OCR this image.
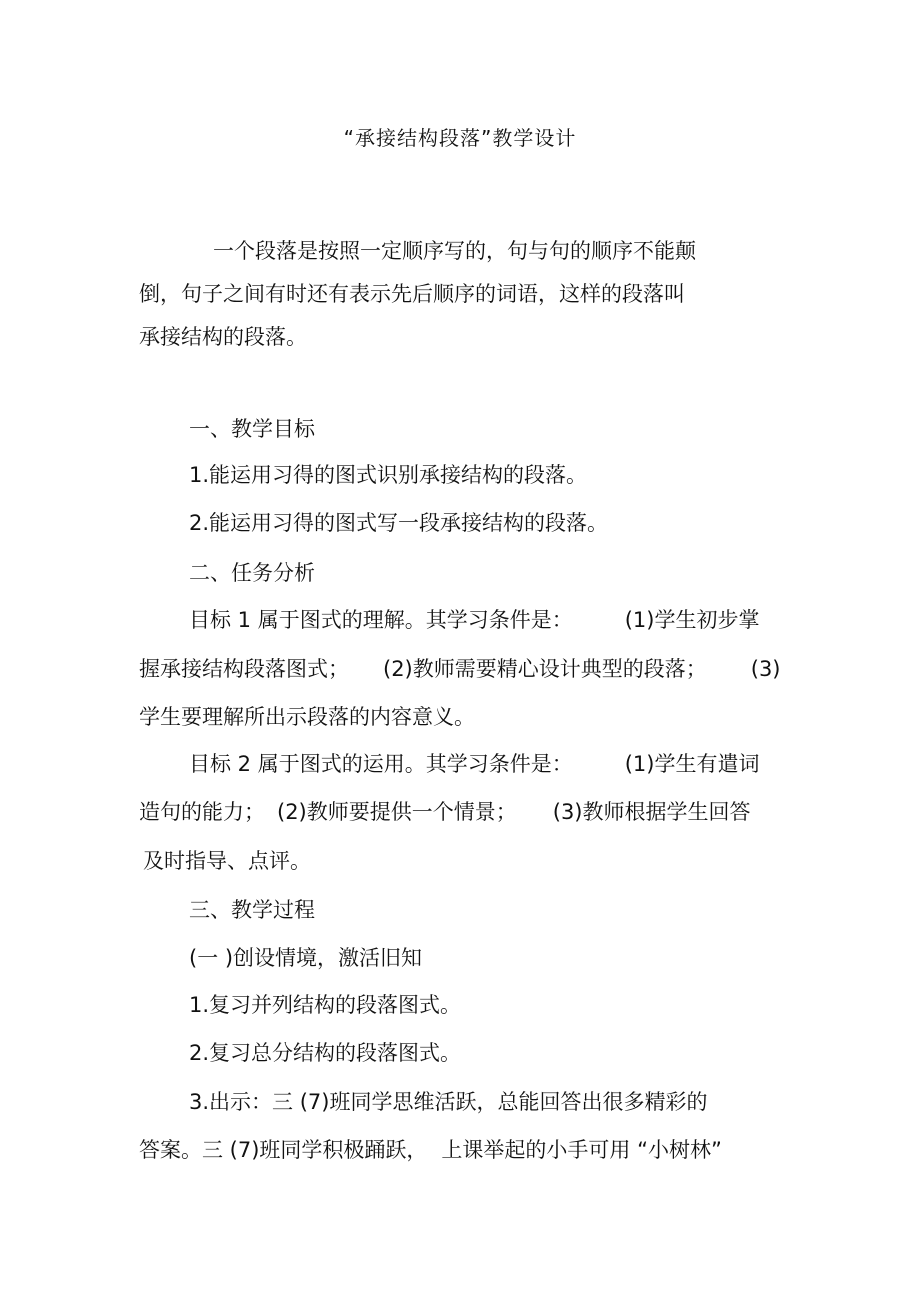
“承接结构段落”教学设计
一个段落是按照一定顺序写的，句与句的顺序不能颠
倒，句子之间有时还有表示先后顺序的词语，这样的段落叫
承接结构的段落。

一、教学目标

1.能运用习得的图式识别承接结构的段落。

2.能运用习得的图式写一段承接结构的段落。

二、任务分析

目标 1 属于图式的理解。其学习条件是： (1)学生初步掌

握承接结构段落图式； (2)教师需要精心设计典型的段落； (3)

学生要理解所出示段落的内容意义。

目标 2 属于图式的运用。其学习条件是： (1)学生有遣词

造句的能力； (2)教师要提供一个情景； (3)教师根据学生回答

及时指导、点评。

三、教学过程

(一 )创设情境，激活旧知

1.复习并列结构的段落图式。

2.复习总分结构的段落图式。

3.出示：三 (7)班同学思维活跃，总能回答出很多精彩的

答案。三 (7)班同学积极踊跃， 上课举起的小手可用 “小树林”
